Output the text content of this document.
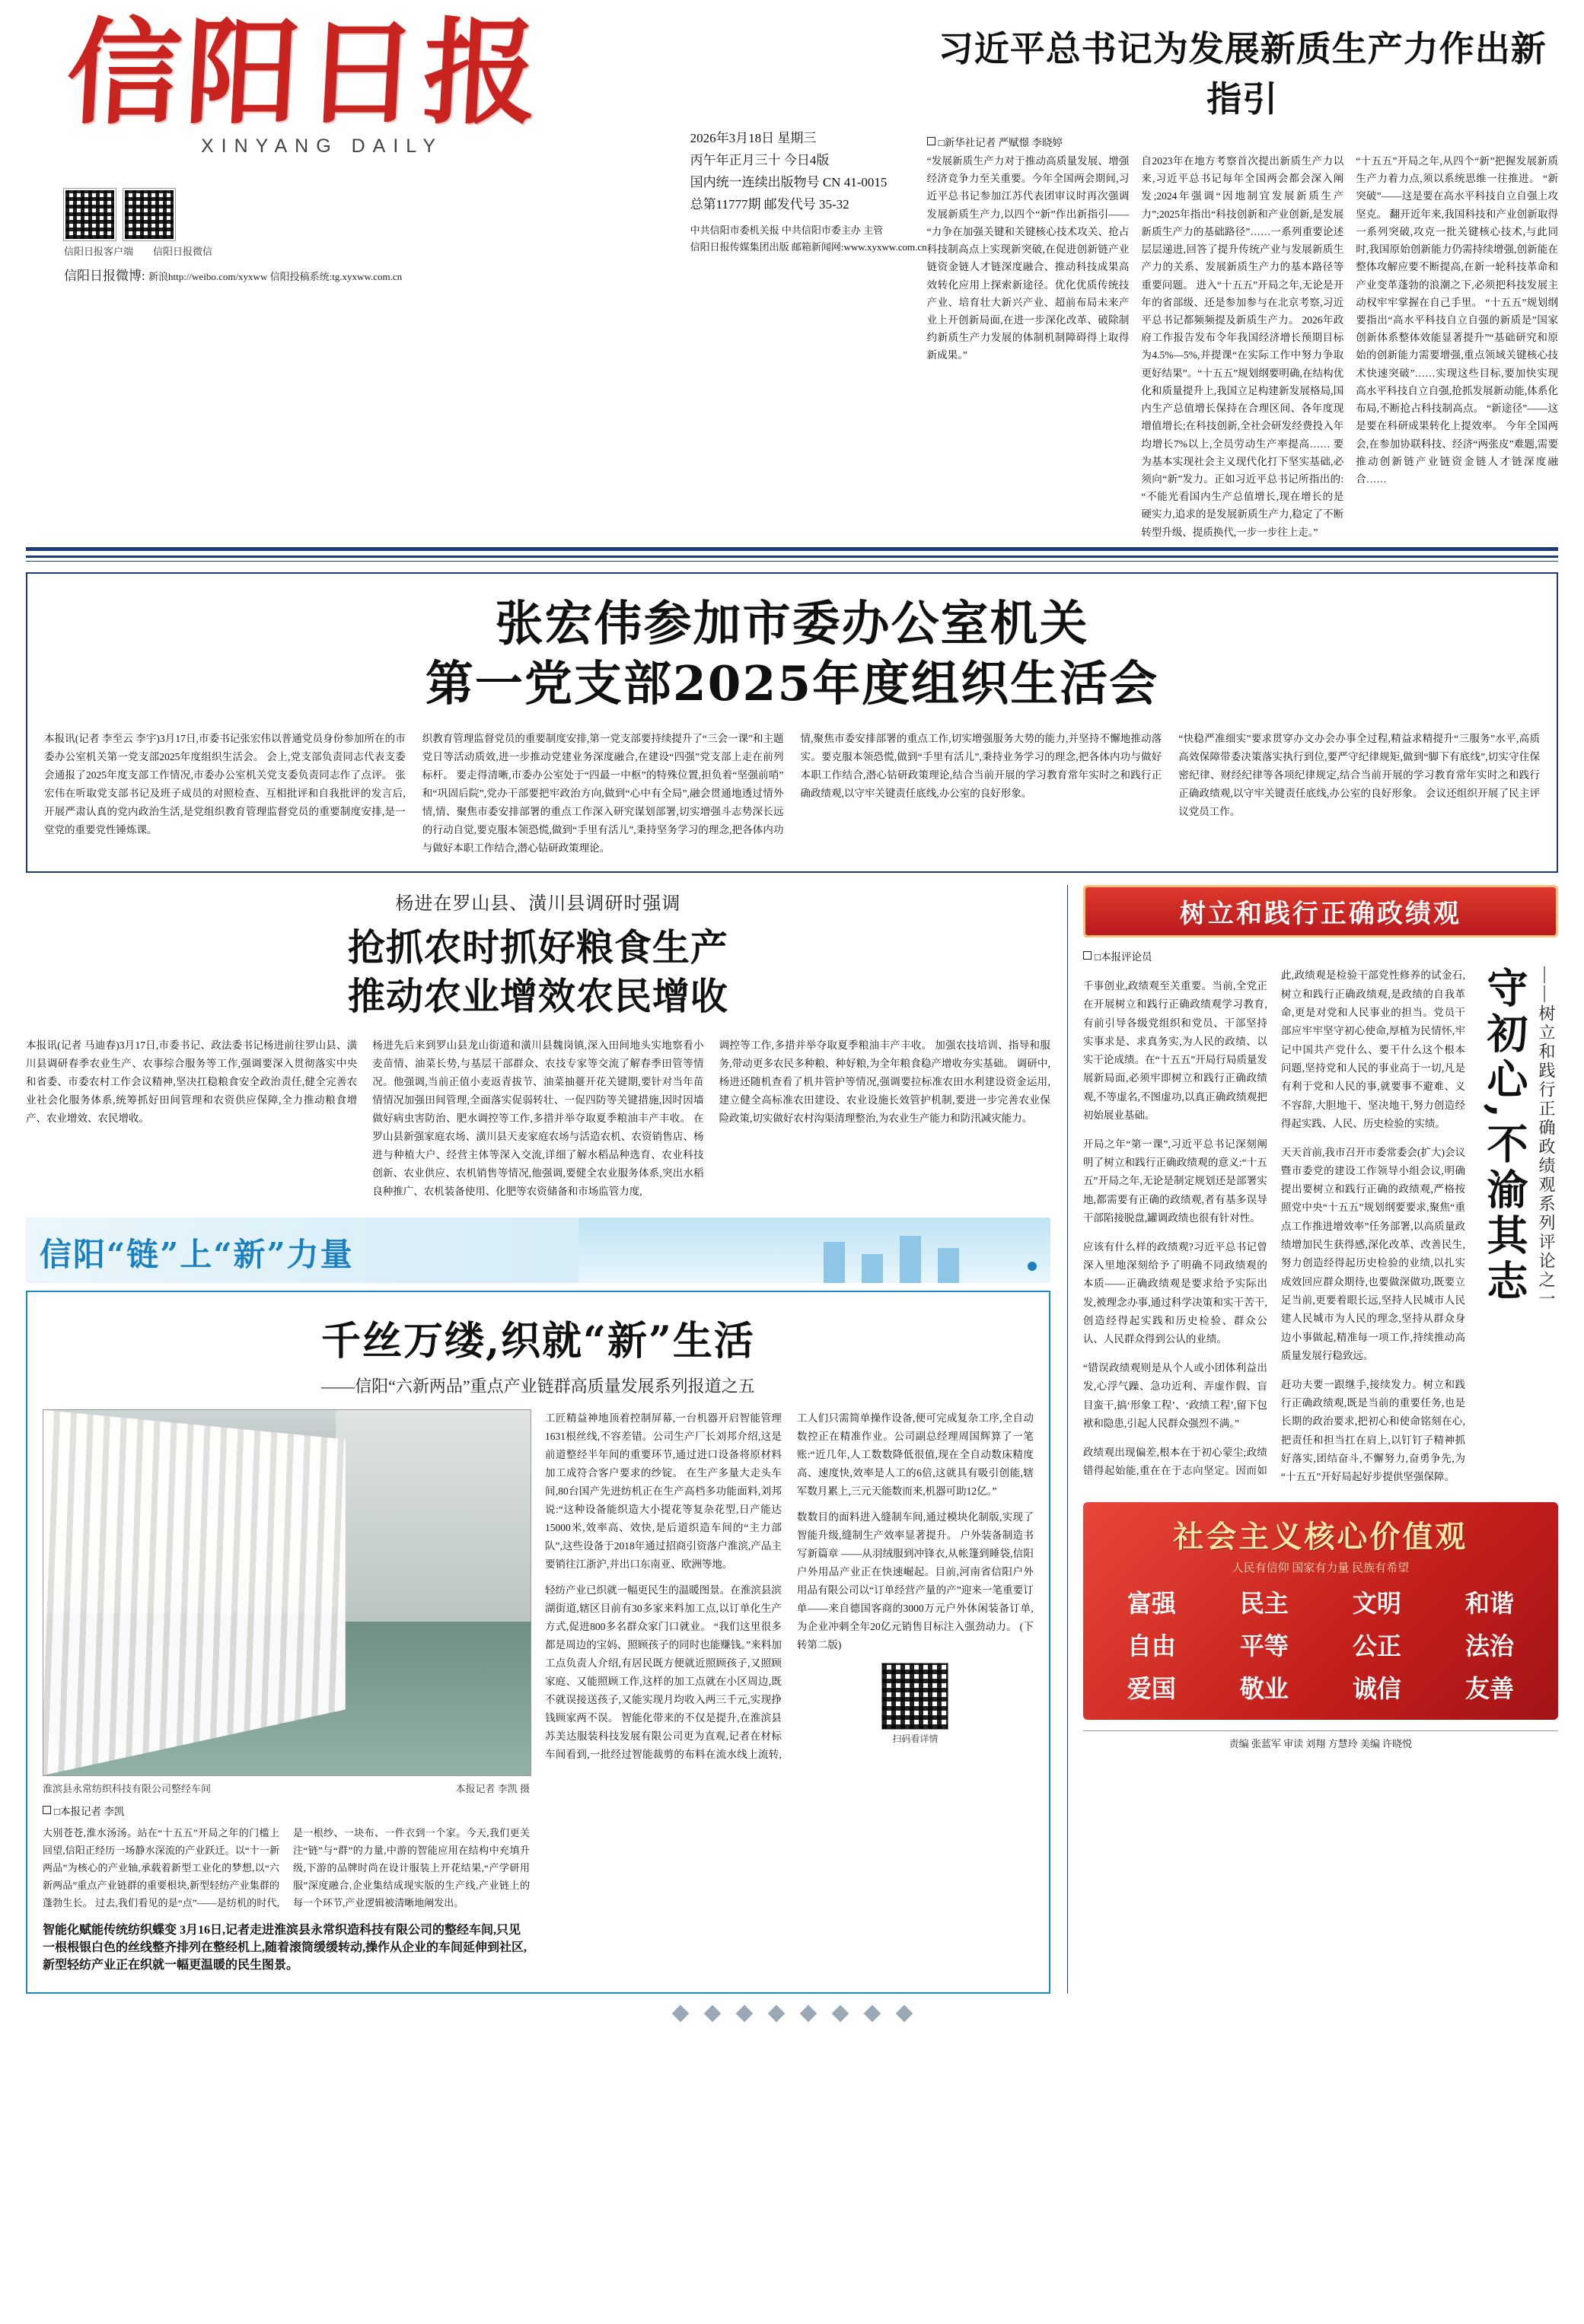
信阳日报
XINYANG DAILY
信阳日报客户端 信阳日报微信
信阳日报微博: 新浪http://weibo.com/xyxww 信阳投稿系统:tg.xyxww.com.cn
2026年3月18日 星期三
丙午年正月三十 今日4版
国内统一连续出版物号 CN 41-0015
总第11777期 邮发代号 35-32
中共信阳市委机关报 中共信阳市委主办 主管
信阳日报传媒集团出版 邮箱新闻网:www.xyxww.com.cn
习近平总书记为发展新质生产力作出新指引
□新华社记者 严赋憬 李晓婷
“发展新质生产力对于推动高质量发展、增强经济竞争力至关重要。今年全国两会期间,习近平总书记参加江苏代表团审议时再次强调发展新质生产力,以四个“新”作出新指引—— “力争在加强关键和关键核心技术攻关、抢占科技制高点上实现新突破,在促进创新链产业链资金链人才链深度融合、推动科技成果高效转化应用上探索新途径。优化优质传统技产业、培育壮大新兴产业、超前布局未来产业上开创新局面,在进一步深化改革、破除制约新质生产力发展的体制机制障碍得上取得新成果。”
自2023年在地方考察首次提出新质生产力以来,习近平总书记每年全国两会都会深入阐发;2024年强调“因地制宜发展新质生产力”;2025年指出“科技创新和产业创新,是发展新质生产力的基础路径”……一系列重要论述层层递进,回答了提升传统产业与发展新质生产力的关系、发展新质生产力的基本路径等重要问题。 进入“十五五”开局之年,无论是开年的省部级、还是参加参与在北京考察,习近平总书记都频频提及新质生产力。 2026年政府工作报告发布令年我国经济增长预期目标为4.5%—5%,并提课“在实际工作中努力争取更好结果”。“十五五”规划纲要明确,在结构优化和质量提升上,我国立足构建新发展格局,国内生产总值增长保持在合理区间、各年度现增值增长;在科技创新,全社会研发经费投入年均增长7%以上,全员劳动生产率提高…… 要为基本实现社会主义现代化打下坚实基础,必须向“新”发力。正如习近平总书记所指出的:“不能光看国内生产总值增长,现在增长的是硬实力,追求的是发展新质生产力,稳定了不断转型升级、提质换代,一步一步往上走。”
“十五五”开局之年,从四个“新”把握发展新质生产力着力点,须以系统思维一往推进。 “新突破”——这是要在高水平科技自立自强上攻坚克。 翻开近年来,我国科技和产业创新取得一系列突破,攻克一批关键核心技术,与此同时,我国原始创新能力仍需持续增强,创新能在整体攻解应要不断提高,在新一轮科技革命和产业变革蓬勃的浪潮之下,必须把科技发展主动权牢牢掌握在自己手里。 “十五五”规划纲要指出“高水平科技自立自强的新质是”国家创新体系整体效能显著提升”“基础研究和原始的创新能力需要增强,重点领域关键核心技术快速突破”……实现这些目标,要加快实现高水平科技自立自强,抢抓发展新动能,体系化布局,不断抢占科技制高点。 “新途径”——这是要在科研成果转化上提效率。 今年全国两会,在参加协联科技、经济“两张皮”难题,需要推动创新链产业链资金链人才链深度融合……
张宏伟参加市委办公室机关
第一党支部2025年度组织生活会
本报讯(记者 李至云 李宇)3月17日,市委书记张宏伟以普通党员身份参加所在的市委办公室机关第一党支部2025年度组织生活会。 会上,党支部负责同志代表支委会通报了2025年度支部工作情况,市委办公室机关党支委负责同志作了点评。 张宏伟在听取党支部书记及班子成员的对照检查、互相批评和自我批评的发言后,开展严肃认真的党内政治生活,是党组织教育管理监督党员的重要制度安排,是一堂党的重要党性锤炼课。
织教育管理监督党员的重要制度安排,第一党支部要持续提升了“三会一课”和主题党日等活动质效,进一步推动党建业务深度融合,在建设“四强”党支部上走在前列标杆。 要走得清晰,市委办公室处于“四最一中枢”的特殊位置,担负着“坚强前哨”和“巩固后院”,党办干部要把牢政治方向,做到“心中有全局”,融会贯通地透过情外情,情、聚焦市委安排部署的重点工作深入研究谋划部署,切实增强斗志势深长远的行动自觉,要克服本领恐慌,做到“手里有活儿”,秉持坚务学习的理念,把各体内功与做好本职工作结合,潜心钻研政策理论。
情,聚焦市委安排部署的重点工作,切实增强服务大势的能力,并坚持不懈地推动落实。要克服本领恐慌,做到“手里有活儿”,秉持业务学习的理念,把各体内功与做好本职工作结合,潜心钻研政策理论,结合当前开展的学习教育常年实时之和践行正确政绩观,以守牢关键责任底线,办公室的良好形象。
“快稳严准细实”要求贯穿办文办会办事全过程,精益求精提升“三服务”水平,高质高效保障带委决策落实执行到位,要严守纪律规矩,做到“脚下有底线”,切实守住保密纪律、财经纪律等各项纪律规定,结合当前开展的学习教育常年实时之和践行正确政绩观,以守牢关键责任底线,办公室的良好形象。 会议还组织开展了民主评议党员工作。
杨进在罗山县、潢川县调研时强调
抢抓农时抓好粮食生产
推动农业增效农民增收
本报讯(记者 马迪春)3月17日,市委书记、政法委书记杨进前往罗山县、潢川县调研春季农业生产、农事综合服务等工作,强调要深入贯彻落实中央和省委、市委农村工作会议精神,坚决扛稳粮食安全政治责任,健全完善农业社会化服务体系,统筹抓好田间管理和农资供应保障,全力推动粮食增产、农业增效、农民增收。
杨进先后来到罗山县龙山街道和潢川县魏岗镇,深入田间地头实地察看小麦苗情、油菜长势,与基层干部群众、农技专家等交流了解春季田管等情况。他强调,当前正值小麦返青拔节、油菜抽薹开花关键期,要针对当年苗情情况加强田间管理,全面落实促弱转壮、一促四防等关键措施,因时因墙做好病虫害防治、肥水调控等工作,多措并举夺取夏季粮油丰产丰收。 在罗山县新强家庭农场、潢川县天麦家庭农场与活造农机、农资销售店、杨进与种植大户、经营主体等深入交流,详细了解水稻品种选育、农业科技创新、农业供应、农机销售等情况,他强调,要健全农业服务体系,突出水稻良种推广、农机装备使用、化肥等农资储备和市场监管力度,
调控等工作,多措并举夺取夏季粮油丰产丰收。 加强农技培训、指导和服务,带动更多农民多种粮、种好粮,为全年粮食稳产增收夯实基础。 调研中,杨进还随机查看了机井管护等情况,强调要拉标准农田水利建设资金运用,建立健全高标准农田建设、农业设施长效管护机制,要进一步完善农业保险政策,切实做好农村沟渠清理整治,为农业生产能力和防汛减灾能力。
信阳“链”上“新”力量
千丝万缕,织就“新”生活
——信阳“六新两品”重点产业链群高质量发展系列报道之五
淮滨县永常纺织科技有限公司整经车间	本报记者 李凯 摄
□本报记者 李凯
大别苍苍,淮水汤汤。站在“十五五”开局之年的门槛上回望,信阳正经历一场静水深流的产业跃迁。以“十一新两品”为核心的产业轴,承载着新型工业化的梦想,以“六新两品”重点产业链群的重要根块,新型轻纺产业集群的蓬勃生长。 过去,我们看见的是“点”——是纺机的时代,是一根纱、一块布、一件衣到一个家。今天,我们更关注“链”与“群”的力量,中游的智能应用在结构中充填升级,下游的品牌时尚在设计服装上开花结果,“产学研用服”深度融合,企业集结成现实版的生产线,产业链上的每一个环节,产业逻辑被清晰地阐发出。
智能化赋能传统纺织蝶变 3月16日,记者走进淮滨县永常织造科技有限公司的整经车间,只见一根根银白色的丝线整齐排列在整经机上,随着滚筒缓缓转动,操作从企业的车间延伸到社区,新型轻纺产业正在织就一幅更温暖的民生图景。
工匠精益神地顶着控制屏幕,一台机器开启智能管理1631根丝线,不容差错。公司生产厂长刘邦介绍,这是前道整经半年间的重要环节,通过进口设备将原材料加工成符合客户要求的纱锭。 在生产多量大走头车间,80台国产先进纺机正在生产高档多功能面料,刘邦说:“这种设备能织造大小提花等复杂花型,日产能达15000米,效率高、效快,是后道织造车间的“主力部队”,这些设备于2018年通过招商引资落户淮滨,产品主要销往江浙沪,并出口东南亚、欧洲等地。
轻纺产业已织就一幅更民生的温暖图景。在淮滨县滨湖街道,辖区目前有30多家来料加工点,以订单化生产方式,促进800多名群众家门口就业。 “我们这里很多都是周边的宝妈、照顾孩子的同时也能赚钱。”来料加工点负责人介绍,有居民既方便就近照顾孩子,又照顾家庭、又能照顾工作,这样的加工点就在小区周边,既不就误接送孩子,又能实现月均收入两三千元,实现挣钱顾家两不误。 智能化带来的不仅是提升,在淮滨县苏美达服装科技发展有限公司更为直观,记者在材标车间看到,一批经过智能裁剪的布料在流水线上流转,工人们只需简单操作设备,便可完成复杂工序,全自动数控正在精准作业。公司副总经理周国辉算了一笔账:“近几年,人工数数降低很值,现在全自动数床精度高、速度快,效率是人工的6倍,这就具有吸引创能,辖军数月累上,三元天能数而来,机器可助12亿。”
数数目的面料进入缝制车间,通过模块化制版,实现了智能升级,缝制生产效率显著提升。 户外装备制造书写新篇章 ——从羽绒服到冲锋衣,从帐篷到睡袋,信阳户外用品产业正在快速崛起。目前,河南省信阳户外用品有限公司以“订单经营产量的产”迎来一笔重要订单——来自德国客商的3000万元户外休闲装备订单,为企业冲刺全年20亿元销售目标注入强劲动力。 (下转第二版)
扫码看详情
树立和践行正确政绩观
□本报评论员

千事创业,政绩观至关重要。当前,全党正在开展树立和践行正确政绩观学习教育,有前引导各级党组织和党员、干部坚持实事求是、求真务实,为人民的政绩、以实干论成绩。在“十五五”开局行局质量发展新局面,必须牢即树立和践行正确政绩观,不等虚名,不图虚功,以真正确政绩观把初始展业基础。

开局之年“第一课”,习近平总书记深刻阐明了树立和践行正确政绩观的意义:“十五五”开局之年,无论是制定规划还是部署实地,都需要有正确的政绩观,者有基多误导干部陷接脱盘,罐调政绩也很有针对性。

应该有什么样的政绩观?习近平总书记曾深入里地深刻给予了明确不同政绩观的本质——正确政绩观是要求给予实际出发,被理念办事,通过科学决策和实干苦干,创造经得起实践和历史检验、群众公认、人民群众得到公认的业绩。

“错误政绩观则是从个人或小团体利益出发,心浮气躁、急功近利、弄虚作假、盲目蛮干,搞‘形象工程’、‘政绩工程’,留下包袱和隐患,引起人民群众强烈不满。”

政绩观出现偏差,根本在于初心蒙尘;政绩错得起始能,重在在于志向坚定。因而如此,政绩观是检验干部党性修养的试金石,树立和践行正确政绩观,是政绩的自我革命,更是对党和人民事业的担当。党员干部应牢牢坚守初心使命,厚植为民情怀,牢记中国共产党什么、要干什么这个根本问题,坚持党和人民的事业高于一切,凡是有利于党和人民的事,就要事不避难、义不容辞,大胆地干、坚决地干,努力创造经得起实践、人民、历史检验的实绩。

天天首前,我市召开市委常委会(扩大)会议暨市委党的建设工作领导小组会议,明确提出要树立和践行正确的政绩观,严格按照党中央“十五五”规划纲要要求,聚焦“重点工作推进增效率”任务部署,以高质量政绩增加民生获得感,深化改革、改善民生,努力创造经得起历史检验的业绩,以扎实成效回应群众期待,也要做深做功,既要立足当前,更要着眼长远,坚持人民城市人民建人民城市为人民的理念,坚持从群众身边小事做起,精准每一项工作,持续推动高质量发展行稳致远。

赶功夫要一跟继手,接续发力。树立和践行正确政绩观,既是当前的重要任务,也是长期的政治要求,把初心和使命铭刻在心,把责任和担当扛在肩上,以钉钉子精神抓好落实,团结奋斗,不懈努力,奋勇争先,为“十五五”开好局起好步提供坚强保障。

守初心,不渝其志 ——树立和践行正确政绩观系列评论之一
社会主义核心价值观
人民有信仰 国家有力量 民族有希望
富强	民主	文明	和谐
自由	平等	公正	法治
爱国	敬业	诚信	友善
责编 张蓝军 审读 刘翔 方慧玲 美编 许晓悦
